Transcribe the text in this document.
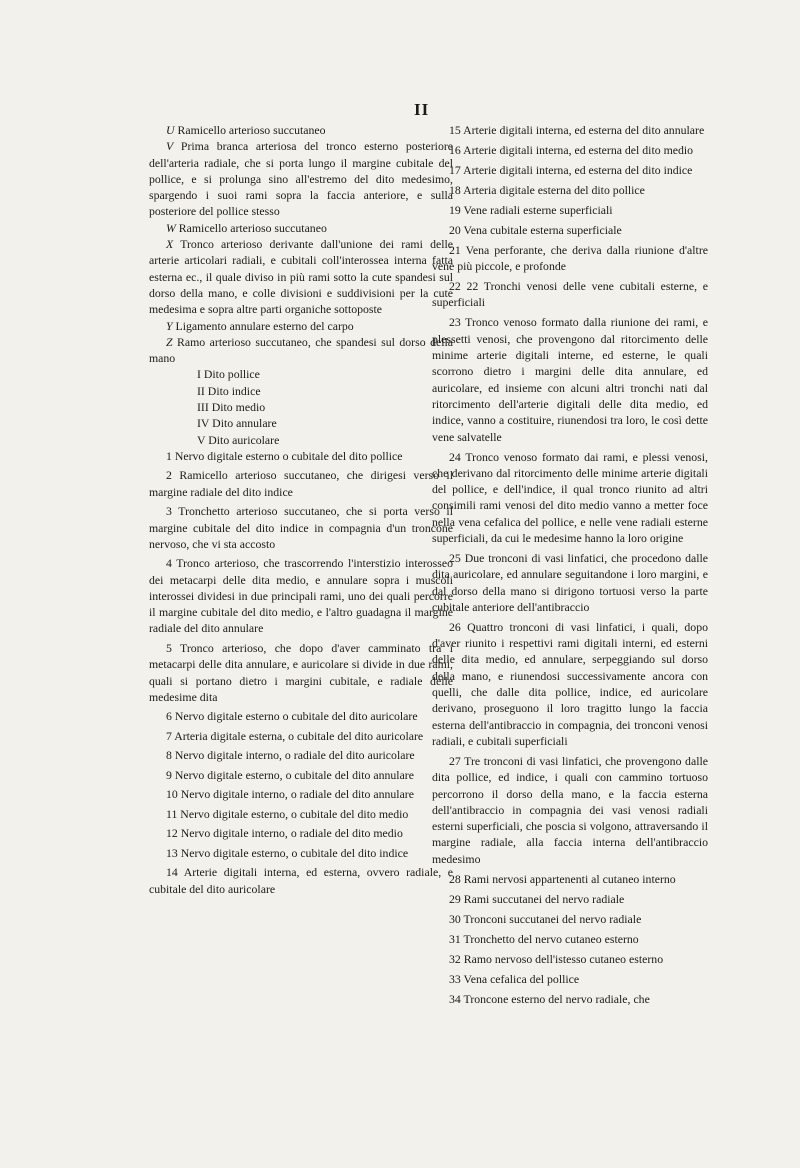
II

U Ramicello arterioso succutaneo

V Prima branca arteriosa del tronco esterno posteriore dell'arteria radiale, che si porta lungo il margine cubitale del pollice, e si prolunga sino all'estremo del dito medesimo, spargendo i suoi rami sopra la faccia anteriore, e sulla posteriore del pollice stesso

W Ramicello arterioso succutaneo

X Tronco arterioso derivante dall'unione dei rami delle arterie articolari radiali, e cubitali coll'interossea interna fatta esterna ec., il quale diviso in più rami sotto la cute spandesi sul dorso della mano, e colle divisioni e suddivisioni per la cute medesima e sopra altre parti organiche sottoposte

Y Ligamento annulare esterno del carpo

Z Ramo arterioso succutaneo, che spandesi sul dorso della mano

I Dito pollice

II Dito indice

III Dito medio

IV Dito annulare

V Dito auricolare

1 Nervo digitale esterno o cubitale del dito pollice

2 Ramicello arterioso succutaneo, che dirigesi verso il margine radiale del dito indice

3 Tronchetto arterioso succutaneo, che si porta verso il margine cubitale del dito indice in compagnia d'un troncone nervoso, che vi sta accosto

4 Tronco arterioso, che trascorrendo l'interstizio interosseo dei metacarpi delle dita medio, e annulare sopra i muscoli interossei dividesi in due principali rami, uno dei quali percorre il margine cubitale del dito medio, e l'altro guadagna il margine radiale del dito annulare

5 Tronco arterioso, che dopo d'aver camminato tra i metacarpi delle dita annulare, e auricolare si divide in due rami, quali si portano dietro i margini cubitale, e radiale delle medesime dita

6 Nervo digitale esterno o cubitale del dito auricolare

7 Arteria digitale esterna, o cubitale del dito auricolare

8 Nervo digitale interno, o radiale del dito auricolare

9 Nervo digitale esterno, o cubitale del dito annulare

10 Nervo digitale interno, o radiale del dito annulare

11 Nervo digitale esterno, o cubitale del dito medio

12 Nervo digitale interno, o radiale del dito medio

13 Nervo digitale esterno, o cubitale del dito indice

14 Arterie digitali interna, ed esterna, ovvero radiale, e cubitale del dito auricolare

15 Arterie digitali interna, ed esterna del dito annulare

16 Arterie digitali interna, ed esterna del dito medio

17 Arterie digitali interna, ed esterna del dito indice

18 Arteria digitale esterna del dito pollice

19 Vene radiali esterne superficiali

20 Vena cubitale esterna superficiale

21 Vena perforante, che deriva dalla riunione d'altre vene più piccole, e profonde

22 22 Tronchi venosi delle vene cubitali esterne, e superficiali

23 Tronco venoso formato dalla riunione dei rami, e plessetti venosi, che provengono dal ritorcimento delle minime arterie digitali interne, ed esterne, le quali scorrono dietro i margini delle dita annulare, ed auricolare, ed insieme con alcuni altri tronchi nati dal ritorcimento dell'arterie digitali delle dita medio, ed indice, vanno a costituire, riunendosi tra loro, le così dette vene salvatelle

24 Tronco venoso formato dai rami, e plessi venosi, che derivano dal ritorcimento delle minime arterie digitali del pollice, e dell'indice, il qual tronco riunito ad altri consimili rami venosi del dito medio vanno a metter foce nella vena cefalica del pollice, e nelle vene radiali esterne superficiali, da cui le medesime hanno la loro origine

25 Due tronconi di vasi linfatici, che procedono dalle dita auricolare, ed annulare seguitandone i loro margini, e dal dorso della mano si dirigono tortuosi verso la parte cubitale anteriore dell'antibraccio

26 Quattro tronconi di vasi linfatici, i quali, dopo d'aver riunito i respettivi rami digitali interni, ed esterni delle dita medio, ed annulare, serpeggiando sul dorso della mano, e riunendosi successivamente ancora con quelli, che dalle dita pollice, indice, ed auricolare derivano, proseguono il loro tragitto lungo la faccia esterna dell'antibraccio in compagnia, dei tronconi venosi radiali, e cubitali superficiali

27 Tre tronconi di vasi linfatici, che provengono dalle dita pollice, ed indice, i quali con cammino tortuoso percorrono il dorso della mano, e la faccia esterna dell'antibraccio in compagnia dei vasi venosi radiali esterni superficiali, che poscia si volgono, attraversando il margine radiale, alla faccia interna dell'antibraccio medesimo

28 Rami nervosi appartenenti al cutaneo interno

29 Rami succutanei del nervo radiale

30 Tronconi succutanei del nervo radiale

31 Tronchetto del nervo cutaneo esterno

32 Ramo nervoso dell'istesso cutaneo esterno

33 Vena cefalica del pollice

34 Troncone esterno del nervo radiale, che
